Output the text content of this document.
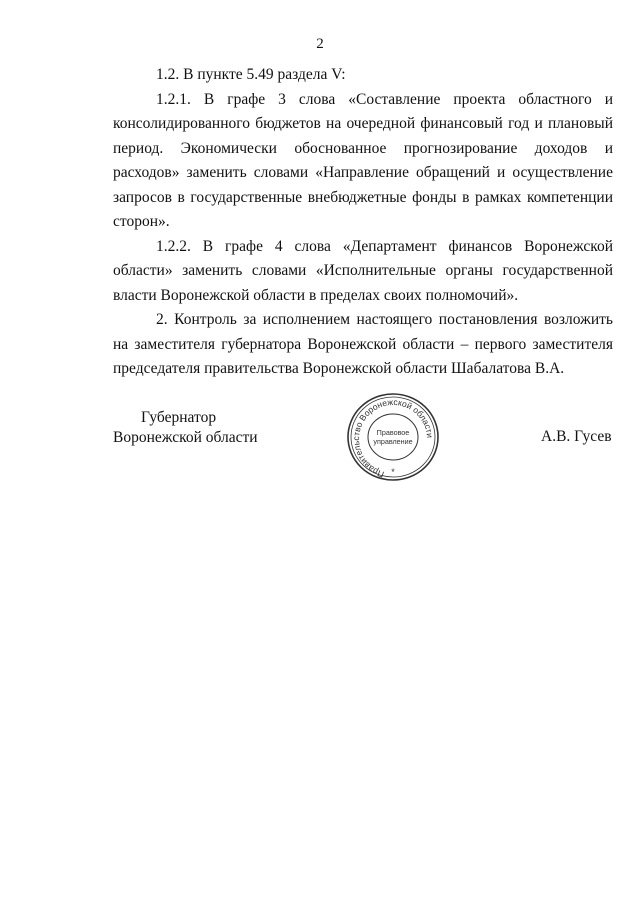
2

1.2. В пункте 5.49 раздела V:

1.2.1. В графе 3 слова «Составление проекта областного и консолидированного бюджетов на очередной финансовый год и плановый период. Экономически обоснованное прогнозирование доходов и расходов» заменить словами «Направление обращений и осуществление запросов в государственные внебюджетные фонды в рамках компетенции сторон».

1.2.2. В графе 4 слова «Департамент финансов Воронежской области» заменить словами «Исполнительные органы государственной власти Воронежской области в пределах своих полномочий».

2. Контроль за исполнением настоящего постановления возложить на заместителя губернатора Воронежской области – первого заместителя председателя правительства Воронежской области Шабалатова В.А.

Губернатор
Воронежской области
Правительство Воронежской области
Правовое
управление
*
А.В. Гусев
